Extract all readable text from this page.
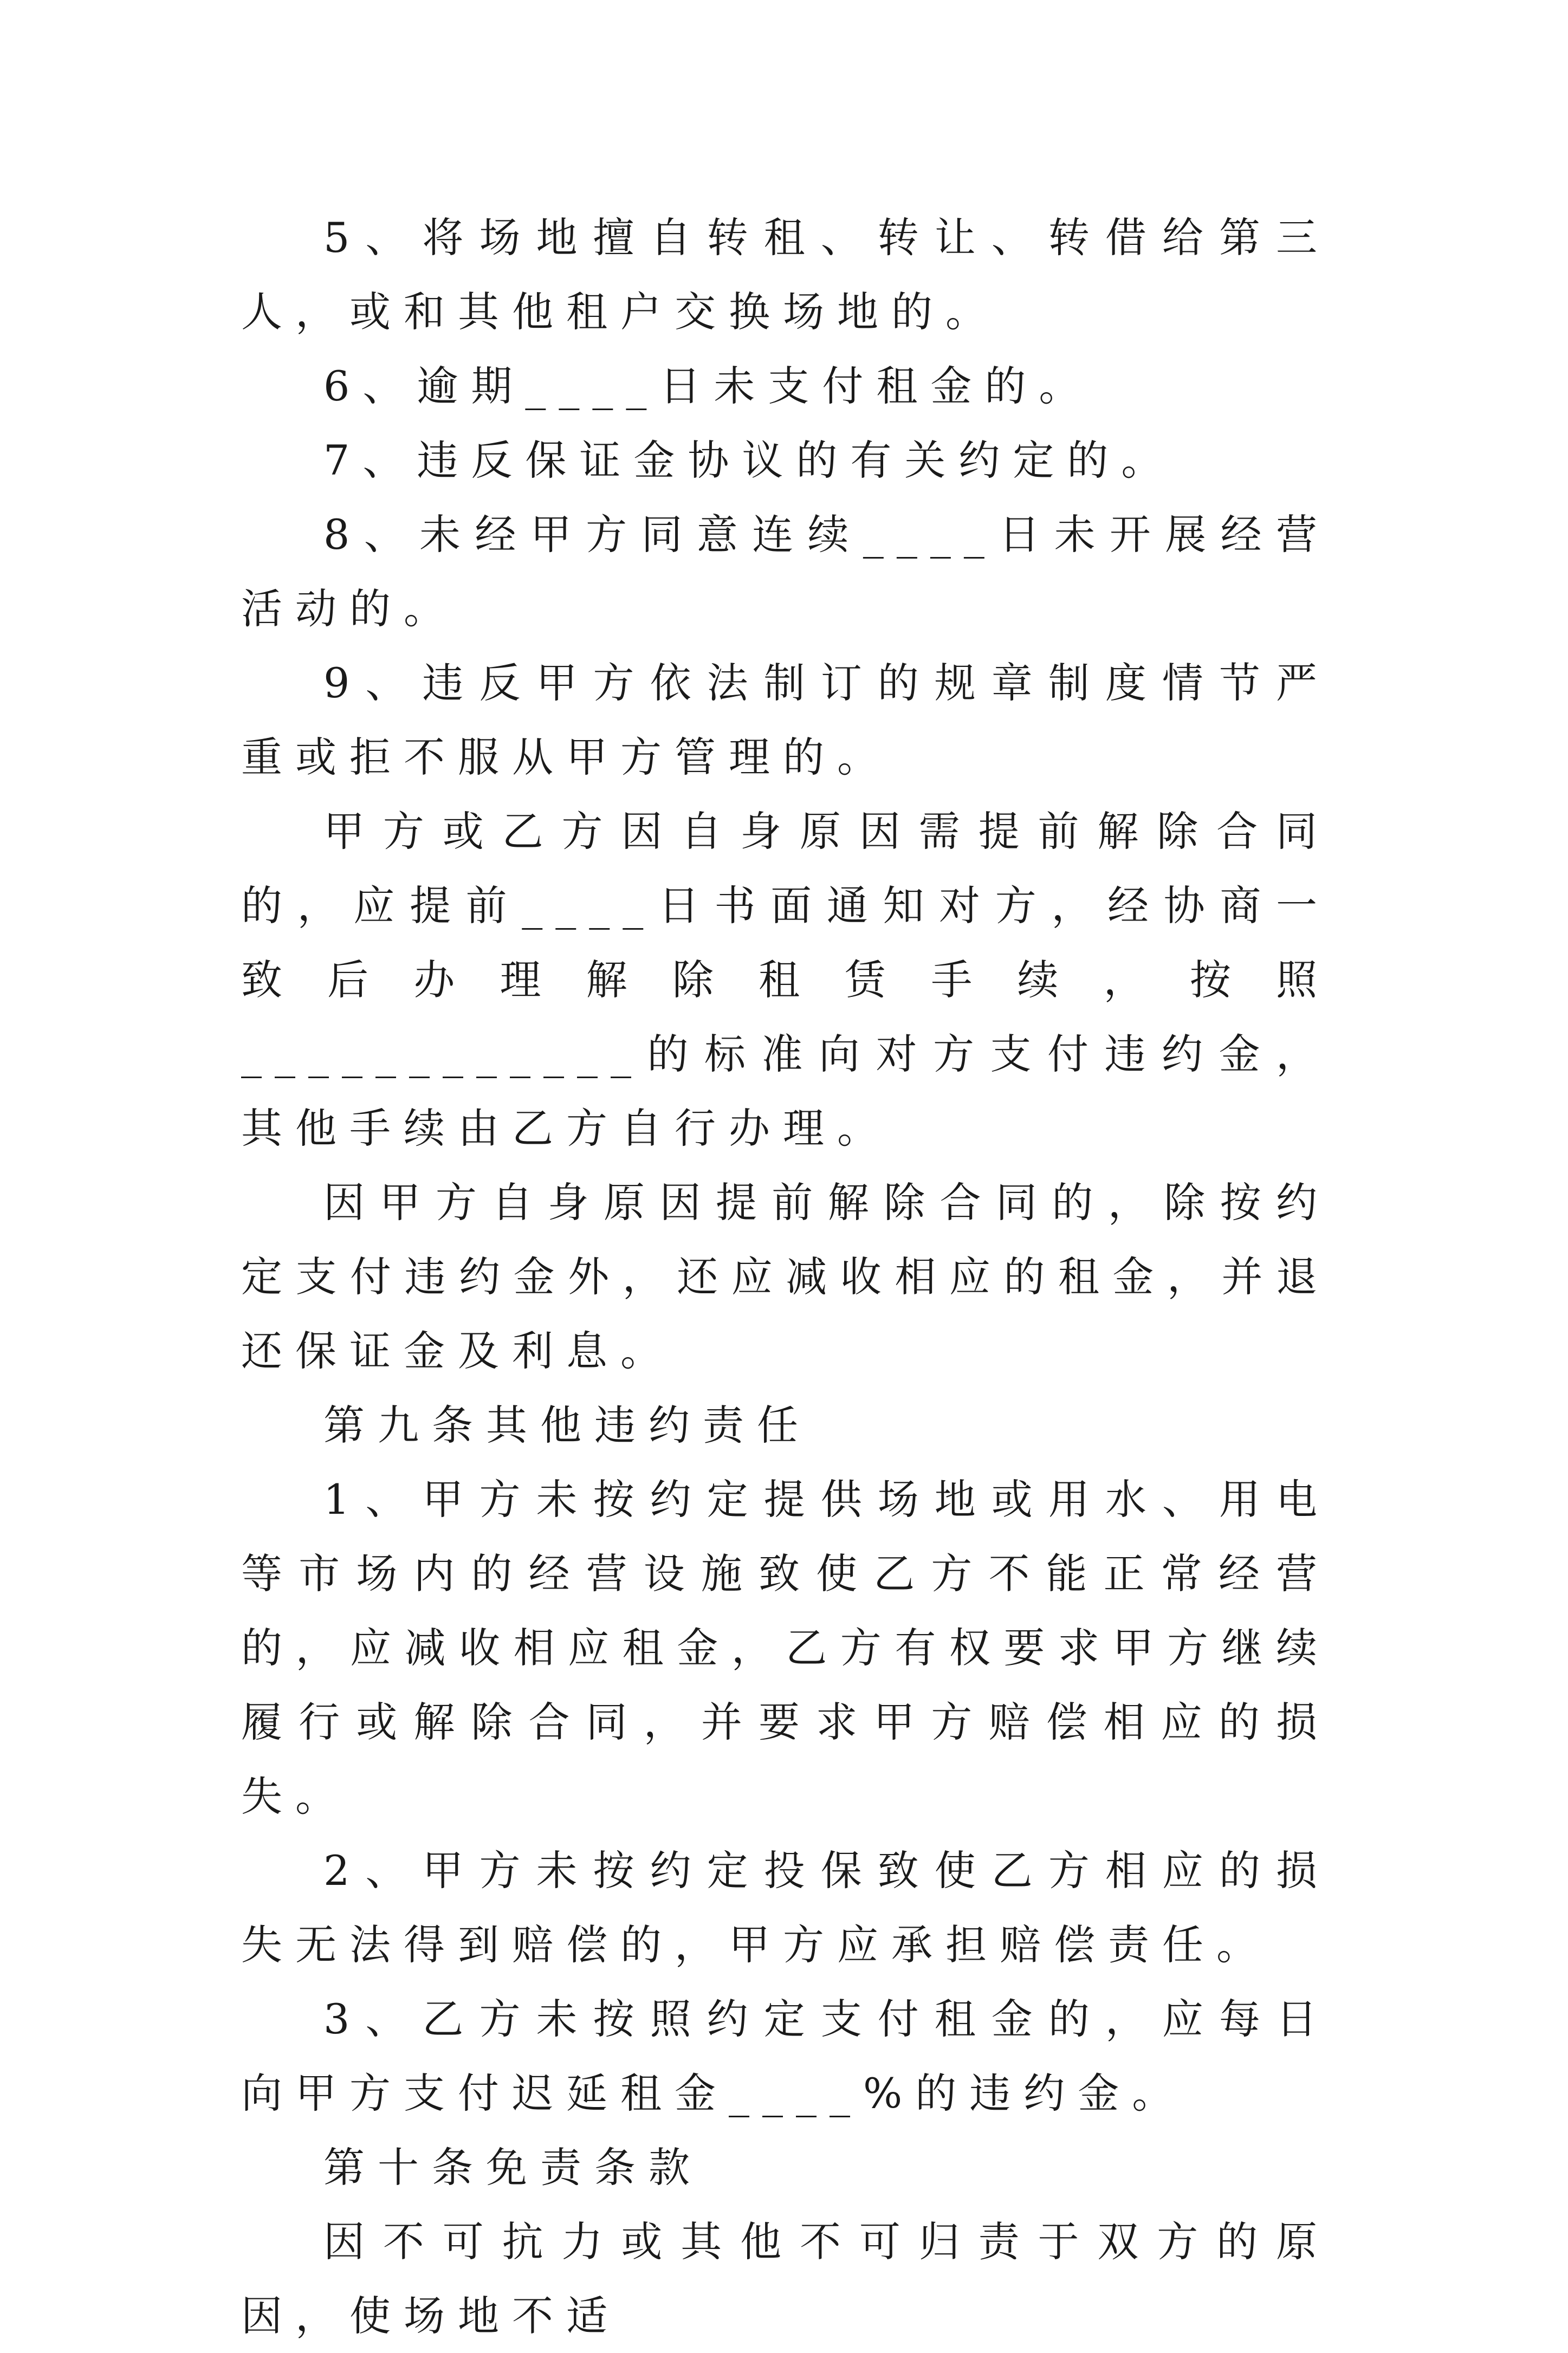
5、将场地擅自转租、转让、转借给第三人，或和其他租户交换场地的。

6、逾期____日未支付租金的。

7、违反保证金协议的有关约定的。

8、未经甲方同意连续____日未开展经营活动的。

9、违反甲方依法制订的规章制度情节严重或拒不服从甲方管理的。

甲方或乙方因自身原因需提前解除合同的，应提前____日书面通知对方，经协商一致后办理解除租赁手续，按照____________的标准向对方支付违约金，其他手续由乙方自行办理。

因甲方自身原因提前解除合同的，除按约定支付违约金外，还应减收相应的租金，并退还保证金及利息。

第九条其他违约责任

1、甲方未按约定提供场地或用水、用电等市场内的经营设施致使乙方不能正常经营的，应减收相应租金，乙方有权要求甲方继续履行或解除合同，并要求甲方赔偿相应的损失。

2、甲方未按约定投保致使乙方相应的损失无法得到赔偿的，甲方应承担赔偿责任。

3、乙方未按照约定支付租金的，应每日向甲方支付迟延租金____%的违约金。

第十条免责条款

因不可抗力或其他不可归责于双方的原因，使场地不适
